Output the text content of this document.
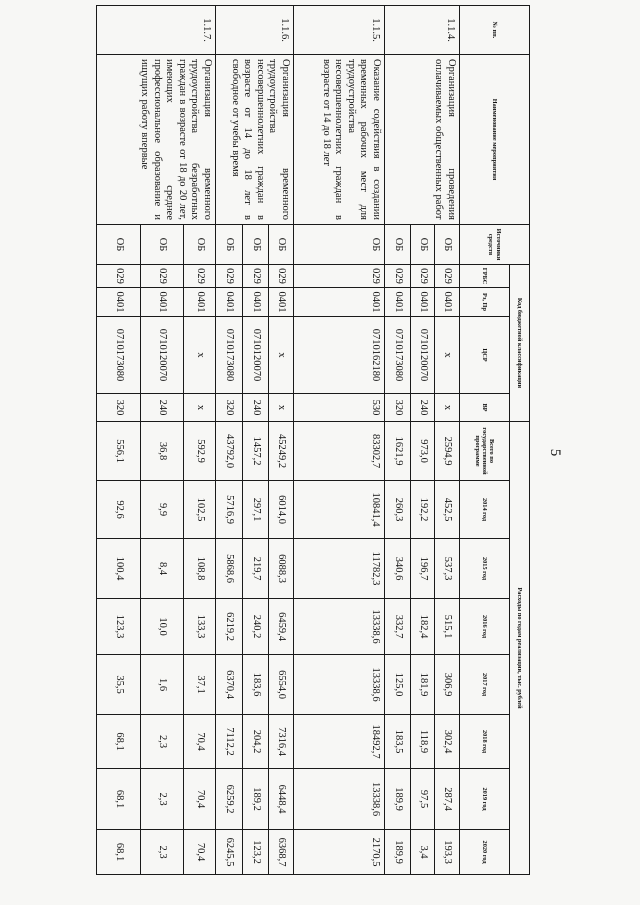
5
№ пп.	Наименование мероприятия	Источники средств	Код бюджетной классификации				Расходы по годам реализации, тыс. рублей							
			ГРБС	Рз, Пр	ЦСР	ВР	Всего по государственной программе	2014 год	2015 год	2016 год	2017 год	2018 год	2019 год	2020 год
1.1.4.	Организация проведения оплачиваемых общественных работ	ОБ	029	0401	х	х	2594,9	452,5	537,3	515,1	306,9	302,4	287,4	193,3
		ОБ	029	0401	0710120070	240	973,0	192,2	196,7	182,4	181,9	118,9	97,5	3,4
		ОБ	029	0401	0710173080	320	1621,9	260,3	340,6	332,7	125,0	183,5	189,9	189,9
1.1.5.	Оказание содействия в создании временных рабочих мест для трудоустройства несовершеннолетних граждан в возрасте от 14 до 18 лет	ОБ	029	0401	0710162180	530	83302,7	10841,4	11782,3	13338,6	13338,6	18492,7	13338,6	2170,5
1.1.6.	Организация временного трудоустройства несовершеннолетних граждан в возрасте от 14 до 18 лет в свободное от учебы время	ОБ	029	0401	х	х	45249,2	6014,0	6088,3	6459,4	6554,0	7316,4	6448,4	6368,7
		ОБ	029	0401	0710120070	240	1457,2	297,1	219,7	240,2	183,6	204,2	189,2	123,2
		ОБ	029	0401	0710173080	320	43792,0	5716,9	5868,6	6219,2	6370,4	7112,2	6259,2	6245,5
1.1.7.	Организация временного трудоустройства безработных граждан в возрасте от 18 до 20 лет, имеющих среднее профессиональное образование и ищущих работу впервые	ОБ	029	0401	х	х	592,9	102,5	108,8	133,3	37,1	70,4	70,4	70,4
		ОБ	029	0401	0710120070	240	36,8	9,9	8,4	10,0	1,6	2,3	2,3	2,3
		ОБ	029	0401	0710173080	320	556,1	92,6	100,4	123,3	35,5	68,1	68,1	68,1
